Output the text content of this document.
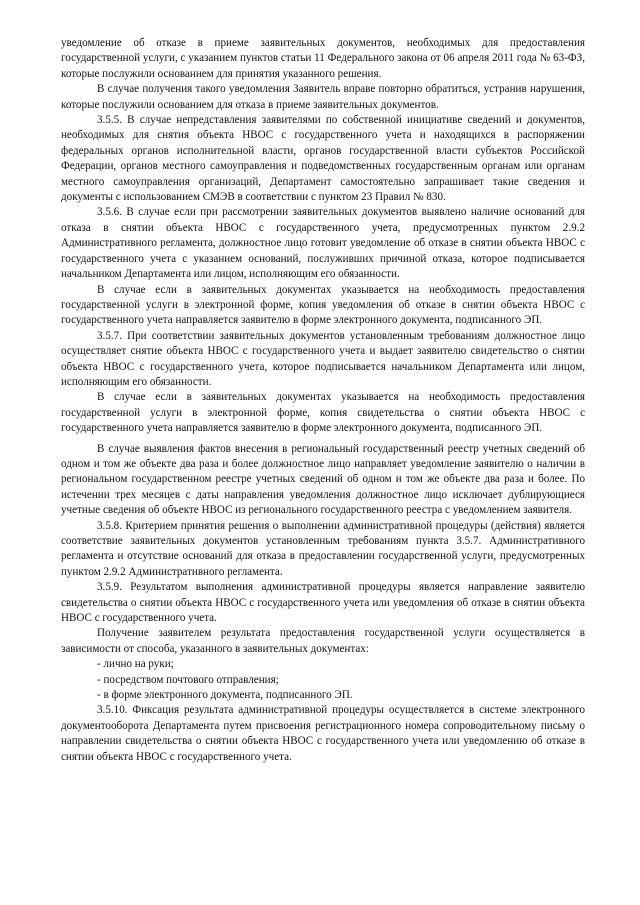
уведомление об отказе в приеме заявительных документов, необходимых для предоставления государственной услуги, с указанием пунктов статьи 11 Федерального закона от 06 апреля 2011 года № 63-ФЗ, которые послужили основанием для принятия указанного решения.

В случае получения такого уведомления Заявитель вправе повторно обратиться, устранив нарушения, которые послужили основанием для отказа в приеме заявительных документов.

3.5.5. В случае непредставления заявителями по собственной инициативе сведений и документов, необходимых для снятия объекта НВОС с государственного учета и находящихся в распоряжении федеральных органов исполнительной власти, органов государственной власти субъектов Российской Федерации, органов местного самоуправления и подведомственных государственным органам или органам местного самоуправления организаций, Департамент самостоятельно запрашивает такие сведения и документы с использованием СМЭВ в соответствии с пунктом 23 Правил № 830.

3.5.6. В случае если при рассмотрении заявительных документов выявлено наличие оснований для отказа в снятии объекта НВОС с государственного учета, предусмотренных пунктом 2.9.2 Административного регламента, должностное лицо готовит уведомление об отказе в снятии объекта НВОС с государственного учета с указанием оснований, послуживших причиной отказа, которое подписывается начальником Департамента или лицом, исполняющим его обязанности.

В случае если в заявительных документах указывается на необходимость предоставления государственной услуги в электронной форме, копия уведомления об отказе в снятии объекта НВОС с государственного учета направляется заявителю в форме электронного документа, подписанного ЭП.

3.5.7. При соответствии заявительных документов установленным требованиям должностное лицо осуществляет снятие объекта НВОС с государственного учета и выдает заявителю свидетельство о снятии объекта НВОС с государственного учета, которое подписывается начальником Департамента или лицом, исполняющим его обязанности.

В случае если в заявительных документах указывается на необходимость предоставления государственной услуги в электронной форме, копия свидетельства о снятии объекта НВОС с государственного учета направляется заявителю в форме электронного документа, подписанного ЭП.

В случае выявления фактов внесения в региональный государственный реестр учетных сведений об одном и том же объекте два раза и более должностное лицо направляет уведомление заявителю о наличии в региональном государственном реестре учетных сведений об одном и том же объекте два раза и более. По истечении трех месяцев с даты направления уведомления должностное лицо исключает дублирующиеся учетные сведения об объекте НВОС из регионального государственного реестра с уведомлением заявителя.

3.5.8. Критерием принятия решения о выполнении административной процедуры (действия) является соответствие заявительных документов установленным требованиям пункта 3.5.7. Административного регламента и отсутствие оснований для отказа в предоставлении государственной услуги, предусмотренных пунктом 2.9.2 Административного регламента.

3.5.9. Результатом выполнения административной процедуры является направление заявителю свидетельства о снятии объекта НВОС с государственного учета или уведомления об отказе в снятии объекта НВОС с государственного учета.

Получение заявителем результата предоставления государственной услуги осуществляется в зависимости от способа, указанного в заявительных документах:

- лично на руки;

- посредством почтового отправления;

- в форме электронного документа, подписанного ЭП.

3.5.10. Фиксация результата административной процедуры осуществляется в системе электронного документооборота Департамента путем присвоения регистрационного номера сопроводительному письму о направлении свидетельства о снятии объекта НВОС с государственного учета или уведомлению об отказе в снятии объекта НВОС с государственного учета.
